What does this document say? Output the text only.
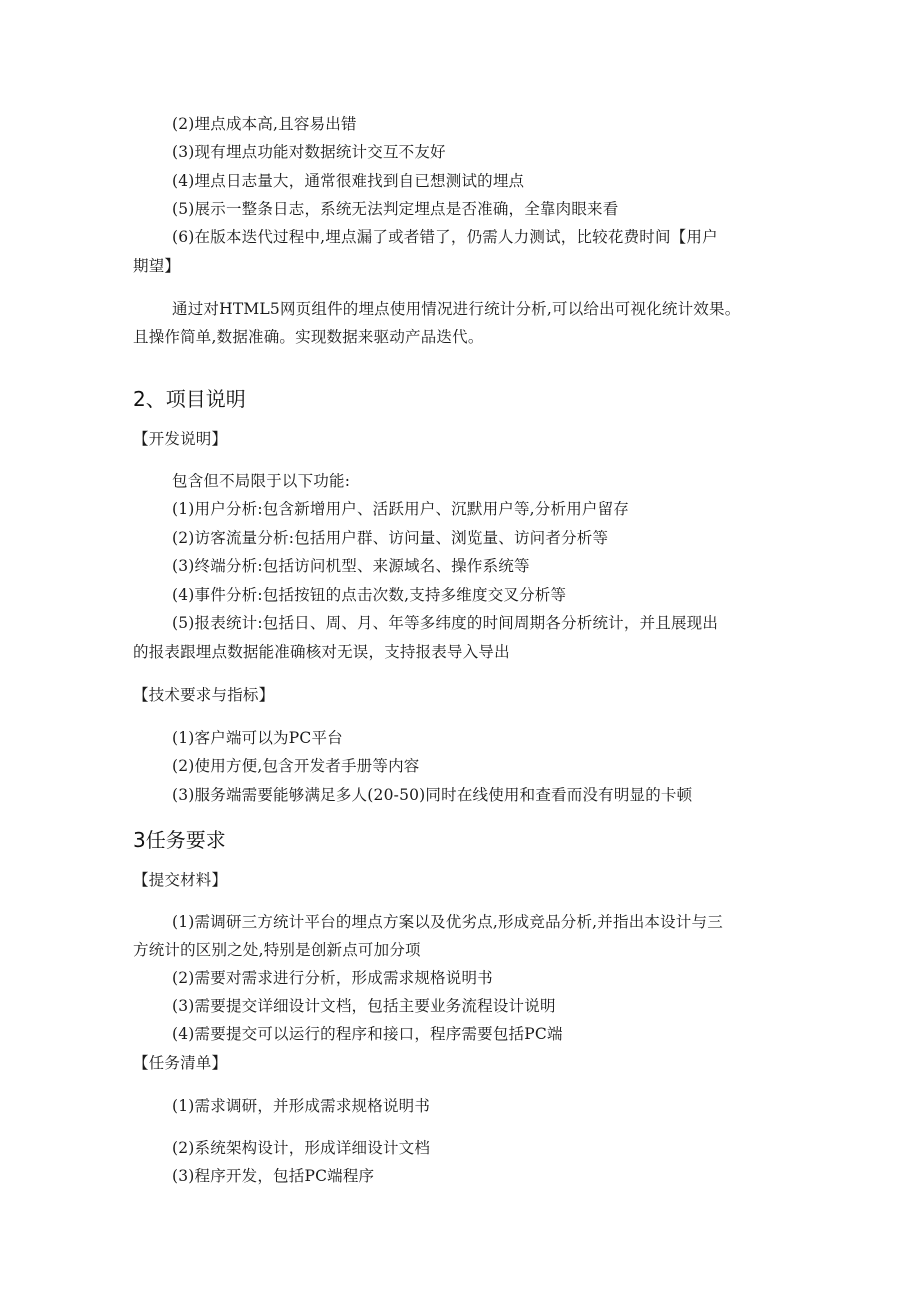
(2)埋点成本高,且容易出错
(3)现有埋点功能对数据统计交互不友好
(4)埋点日志量大，通常很难找到自已想测试的埋点
(5)展示一整条日志，系统无法判定埋点是否准确，全靠肉眼来看
(6)在版本迭代过程中,埋点漏了或者错了，仍需人力测试，比较花费时间【用户
期望】
通过对HTML5网页组件的埋点使用情况进行统计分析,可以给出可视化统计效果。
且操作简单,数据准确。实现数据来驱动产品迭代。
2、项目说明
【开发说明】
包含但不局限于以下功能:
(1)用户分析:包含新增用户、活跃用户、沉默用户等,分析用户留存
(2)访客流量分析:包括用户群、访问量、浏览量、访问者分析等
(3)终端分析:包括访问机型、来源域名、操作系统等
(4)事件分析:包括按钮的点击次数,支持多维度交叉分析等
(5)报表统计:包括日、周、月、年等多纬度的时间周期各分析统计，并且展现出
的报表跟埋点数据能准确核对无误，支持报表导入导出
【技术要求与指标】
(1)客户端可以为PC平台
(2)使用方便,包含开发者手册等内容
(3)服务端需要能够满足多人(20-50)同时在线使用和查看而没有明显的卡顿
3任务要求
【提交材料】
(1)需调研三方统计平台的埋点方案以及优劣点,形成竞品分析,并指出本设计与三
方统计的区别之处,特别是创新点可加分项
(2)需要对需求进行分析，形成需求规格说明书
(3)需要提交详细设计文档，包括主要业务流程设计说明
(4)需要提交可以运行的程序和接口，程序需要包括PC端
【任务清单】
(1)需求调研，并形成需求规格说明书
(2)系统架构设计，形成详细设计文档
(3)程序开发，包括PC端程序
